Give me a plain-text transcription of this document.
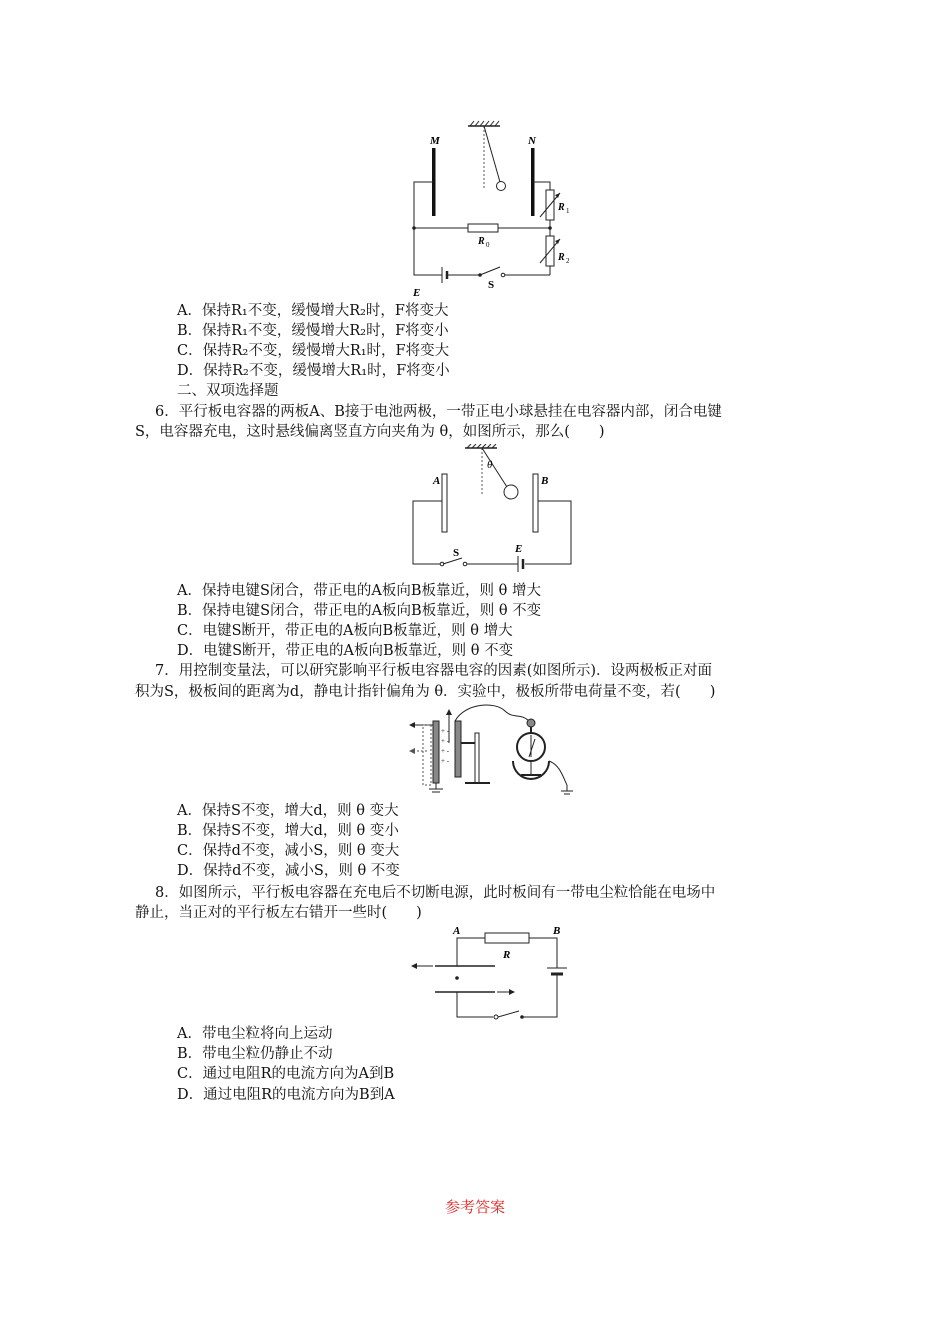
M	N
R 0
R 1
R 2
E
S
A．保持R₁不变，缓慢增大R₂时，F将变大
B．保持R₁不变，缓慢增大R₂时，F将变小
C．保持R₂不变，缓慢增大R₁时，F将变大
D．保持R₂不变，缓慢增大R₁时，F将变小
二、双项选择题
6．平行板电容器的两板A、B接于电池两极，一带正电小球悬挂在电容器内部，闭合电键
S，电容器充电，这时悬线偏离竖直方向夹角为 θ，如图所示，那么(　　)
θ
A	B
S	E
A．保持电键S闭合，带正电的A板向B板靠近，则 θ 增大
B．保持电键S闭合，带正电的A板向B板靠近，则 θ 不变
C．电键S断开，带正电的A板向B板靠近，则 θ 增大
D．电键S断开，带正电的A板向B板靠近，则 θ 不变
7．用控制变量法，可以研究影响平行板电容器电容的因素(如图所示)．设两极板正对面
积为S，极板间的距离为d，静电计指针偏角为 θ．实验中，极板所带电荷量不变，若(　　)
+ -
+ -
+ -
+ -
A．保持S不变，增大d，则 θ 变大
B．保持S不变，增大d，则 θ 变小
C．保持d不变，减小S，则 θ 变大
D．保持d不变，减小S，则 θ 不变
8．如图所示，平行板电容器在充电后不切断电源，此时板间有一带电尘粒恰能在电场中
静止，当正对的平行板左右错开一些时(　　)
A	B
R
A．带电尘粒将向上运动
B．带电尘粒仍静止不动
C．通过电阻R的电流方向为A到B
D．通过电阻R的电流方向为B到A
参考答案
